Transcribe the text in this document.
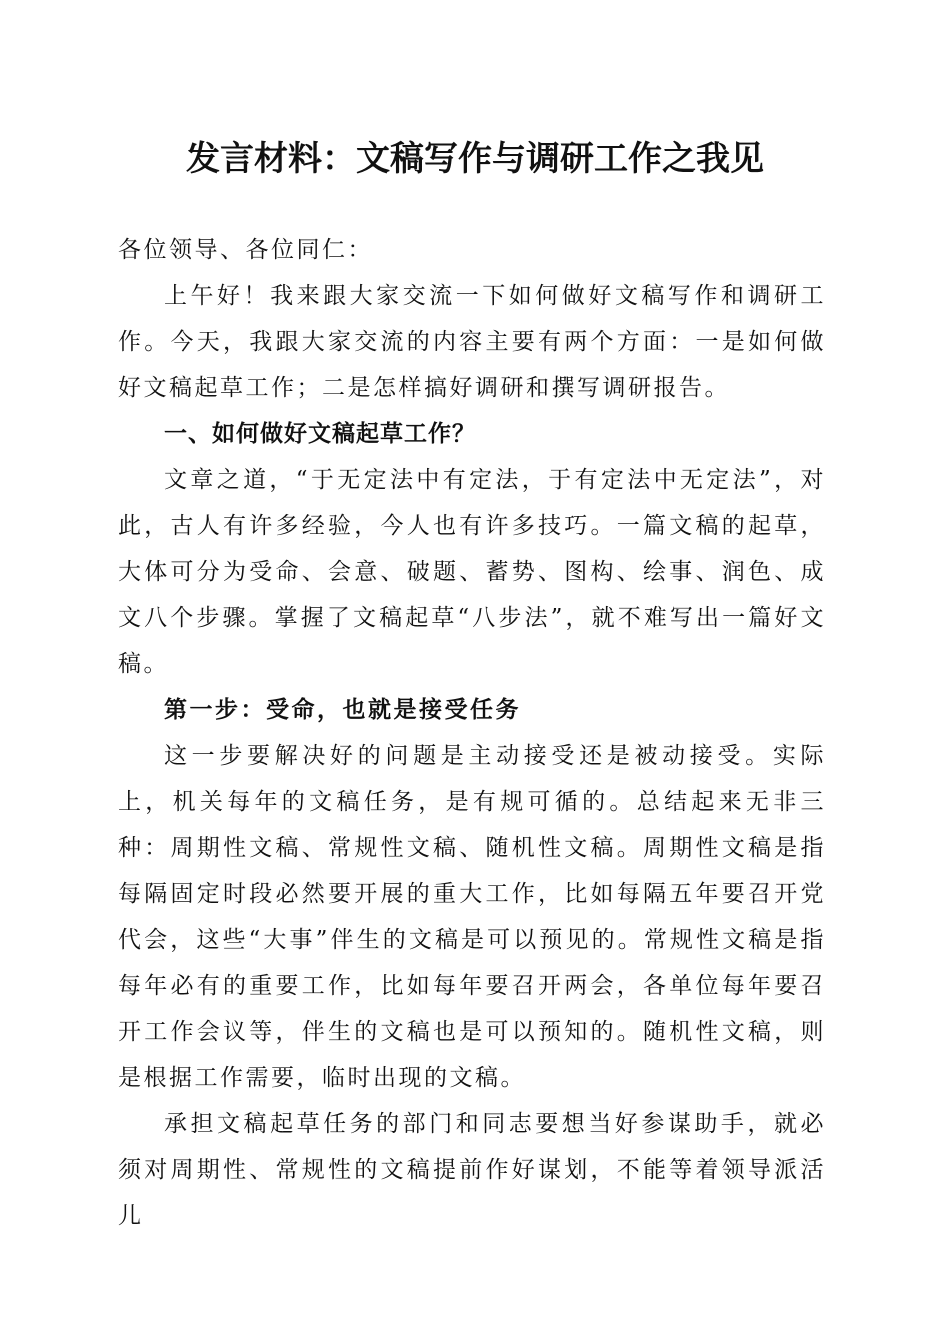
发言材料：文稿写作与调研工作之我见

各位领导、各位同仁：

上午好！我来跟大家交流一下如何做好文稿写作和调研工作。今天，我跟大家交流的内容主要有两个方面：一是如何做好文稿起草工作；二是怎样搞好调研和撰写调研报告。

一、如何做好文稿起草工作？

文章之道，“于无定法中有定法，于有定法中无定法”，对此，古人有许多经验，今人也有许多技巧。一篇文稿的起草，大体可分为受命、会意、破题、蓄势、图构、绘事、润色、成文八个步骤。掌握了文稿起草“八步法”，就不难写出一篇好文稿。

第一步：受命，也就是接受任务

这一步要解决好的问题是主动接受还是被动接受。实际上，机关每年的文稿任务，是有规可循的。总结起来无非三种：周期性文稿、常规性文稿、随机性文稿。周期性文稿是指每隔固定时段必然要开展的重大工作，比如每隔五年要召开党代会，这些“大事”伴生的文稿是可以预见的。常规性文稿是指每年必有的重要工作，比如每年要召开两会，各单位每年要召开工作会议等，伴生的文稿也是可以预知的。随机性文稿，则是根据工作需要，临时出现的文稿。

承担文稿起草任务的部门和同志要想当好参谋助手，就必须对周期性、常规性的文稿提前作好谋划，不能等着领导派活儿
